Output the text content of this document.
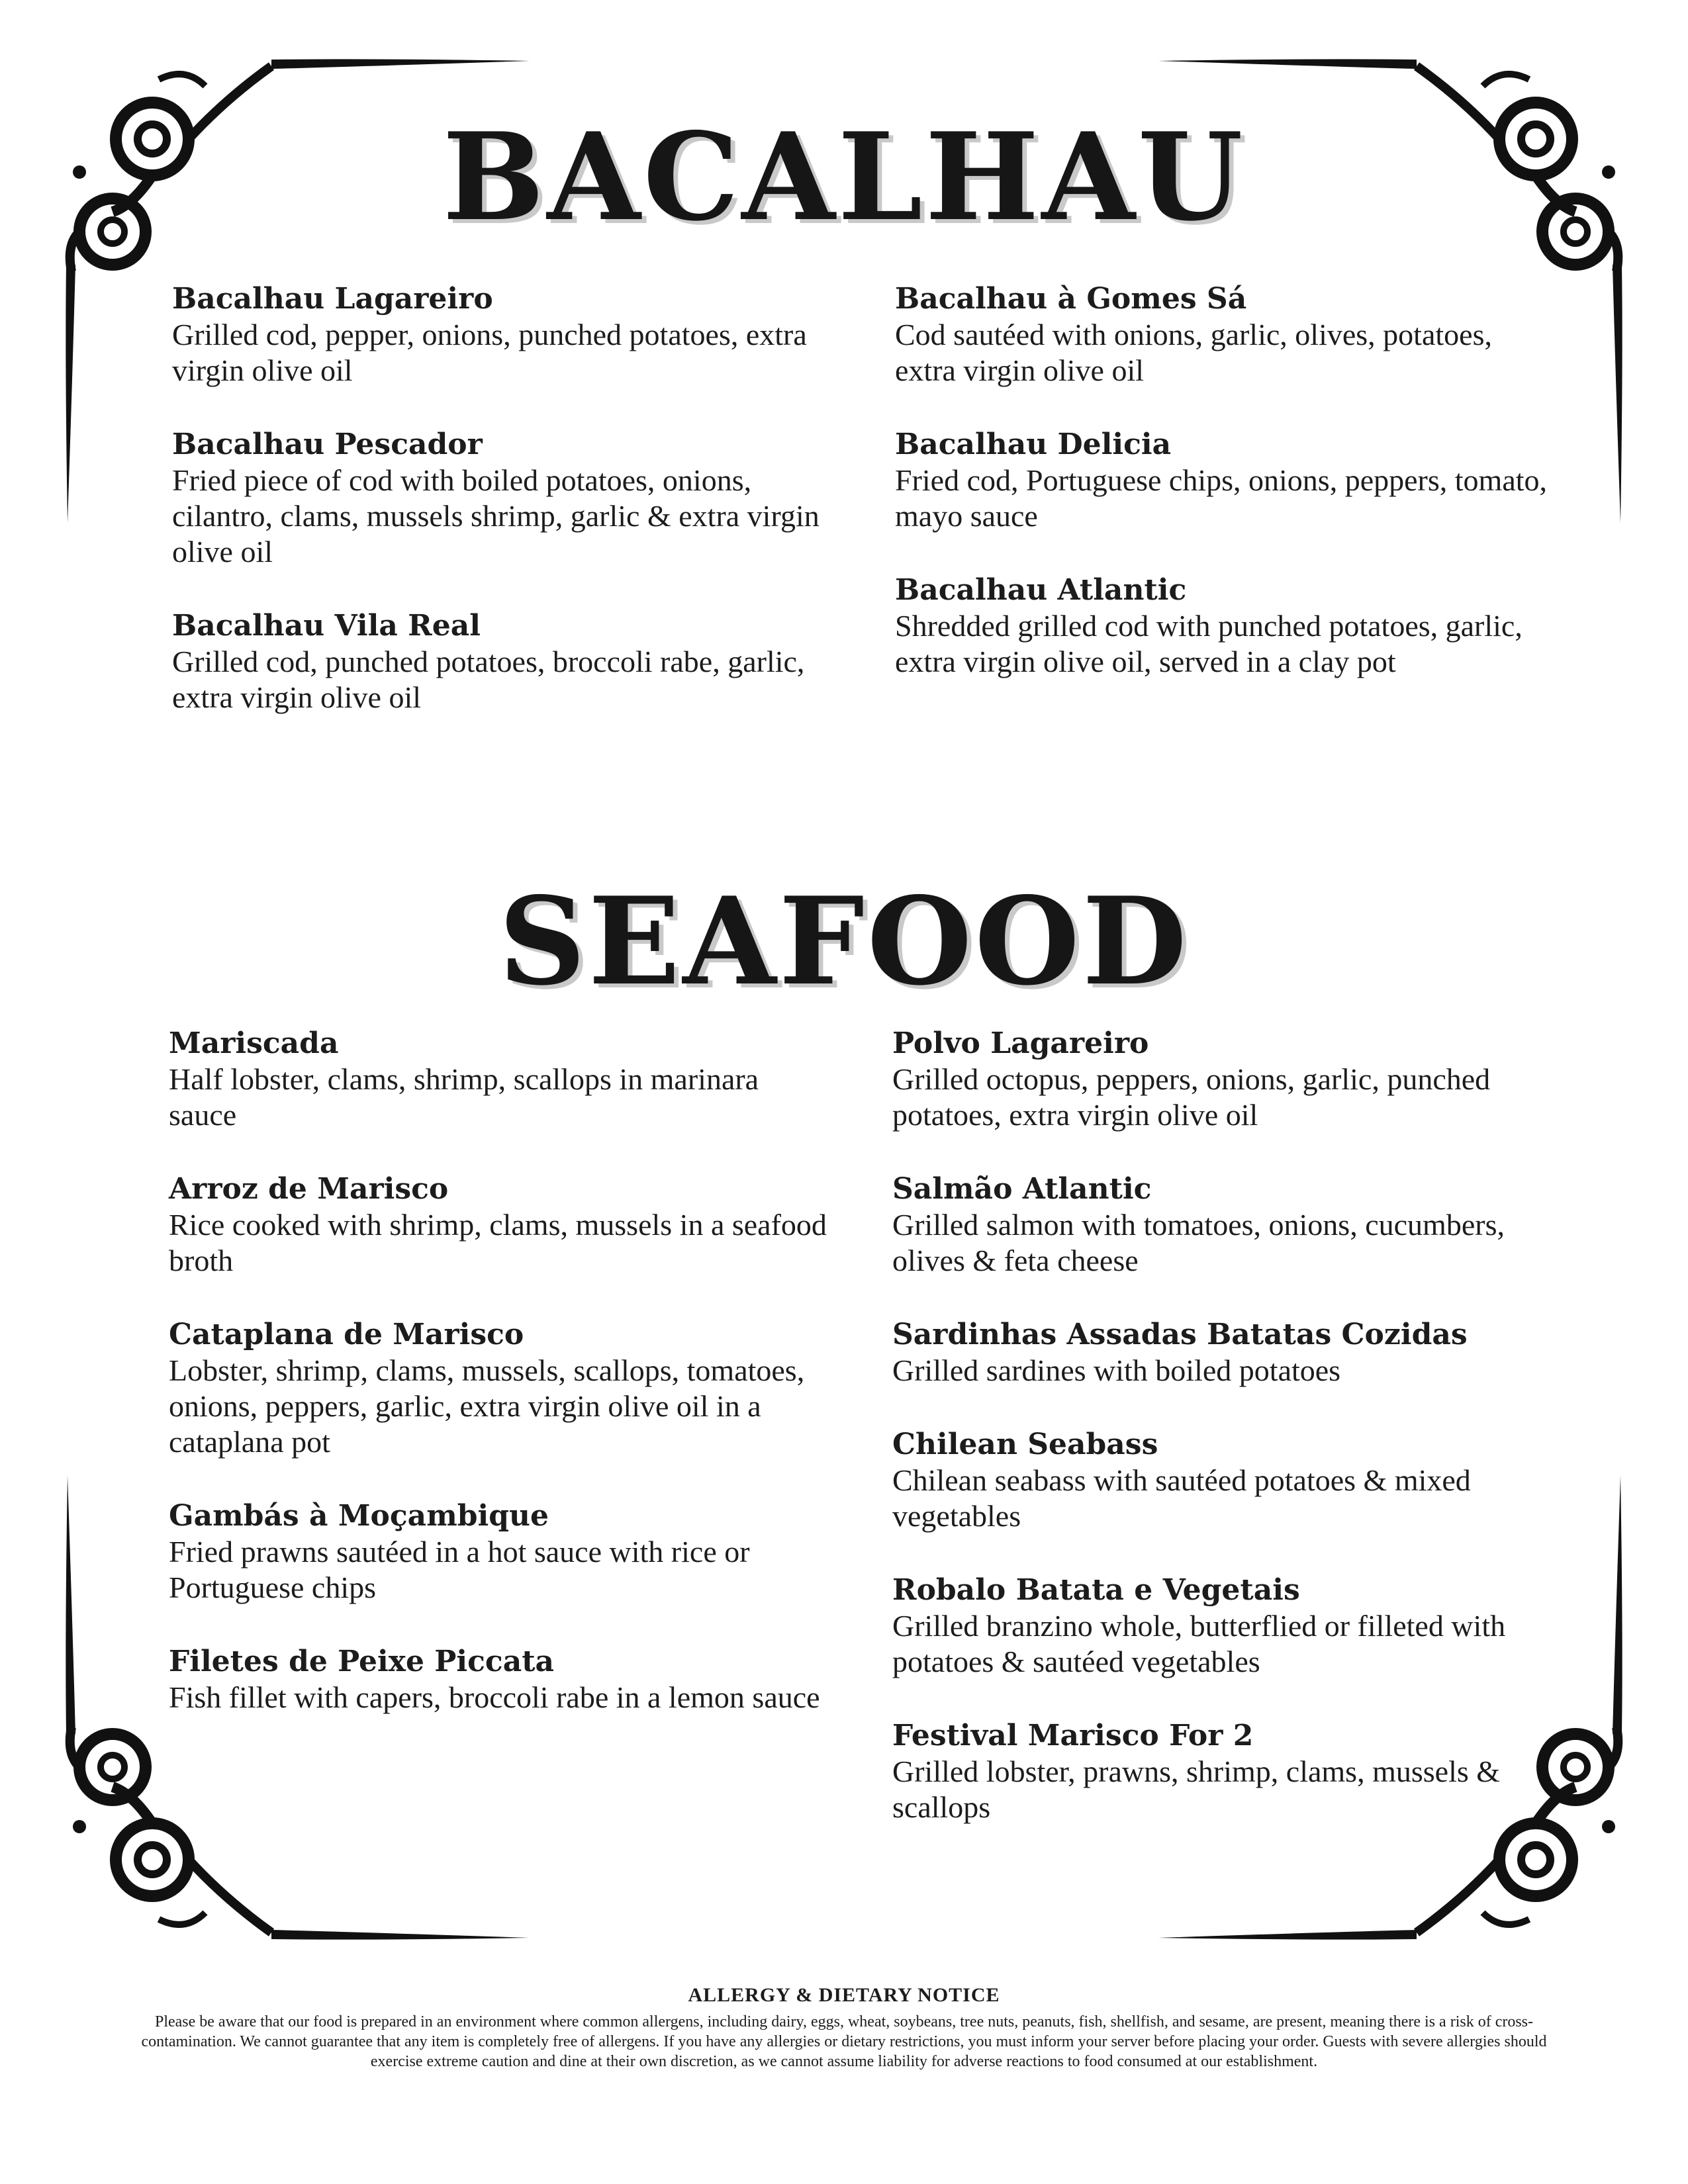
BACALHAU
Bacalhau Lagareiro
Grilled cod, pepper, onions, punched potatoes, extra virgin olive oil
Bacalhau Pescador
Fried piece of cod with boiled potatoes, onions, cilantro, clams, mussels shrimp, garlic & extra virgin olive oil
Bacalhau Vila Real
Grilled cod, punched potatoes, broccoli rabe, garlic, extra virgin olive oil
Bacalhau à Gomes Sá
Cod sautéed with onions, garlic, olives, potatoes, extra virgin olive oil
Bacalhau Delicia
Fried cod, Portuguese chips, onions, peppers, tomato, mayo sauce
Bacalhau Atlantic
Shredded grilled cod with punched potatoes, garlic, extra virgin olive oil, served in a clay pot
SEAFOOD
Mariscada
Half lobster, clams, shrimp, scallops in marinara sauce
Arroz de Marisco
Rice cooked with shrimp, clams, mussels in a seafood broth
Cataplana de Marisco
Lobster, shrimp, clams, mussels, scallops, tomatoes, onions, peppers, garlic, extra virgin olive oil in a cataplana pot
Gambás à Moçambique
Fried prawns sautéed in a hot sauce with rice or Portuguese chips
Filetes de Peixe Piccata
Fish fillet with capers, broccoli rabe in a lemon sauce
Polvo Lagareiro
Grilled octopus, peppers, onions, garlic, punched potatoes, extra virgin olive oil
Salmão Atlantic
Grilled salmon with tomatoes, onions, cucumbers, olives & feta cheese
Sardinhas Assadas Batatas Cozidas
Grilled sardines with boiled potatoes
Chilean Seabass
Chilean seabass with sautéed potatoes & mixed vegetables
Robalo Batata e Vegetais
Grilled branzino whole, butterflied or filleted with potatoes & sautéed vegetables
Festival Marisco For 2
Grilled lobster, prawns, shrimp, clams, mussels & scallops
ALLERGY & DIETARY NOTICE
Please be aware that our food is prepared in an environment where common allergens, including dairy, eggs, wheat, soybeans, tree nuts, peanuts, fish, shellfish, and sesame, are present, meaning there is a risk of cross-contamination. We cannot guarantee that any item is completely free of allergens. If you have any allergies or dietary restrictions, you must inform your server before placing your order. Guests with severe allergies should exercise extreme caution and dine at their own discretion, as we cannot assume liability for adverse reactions to food consumed at our establishment.
